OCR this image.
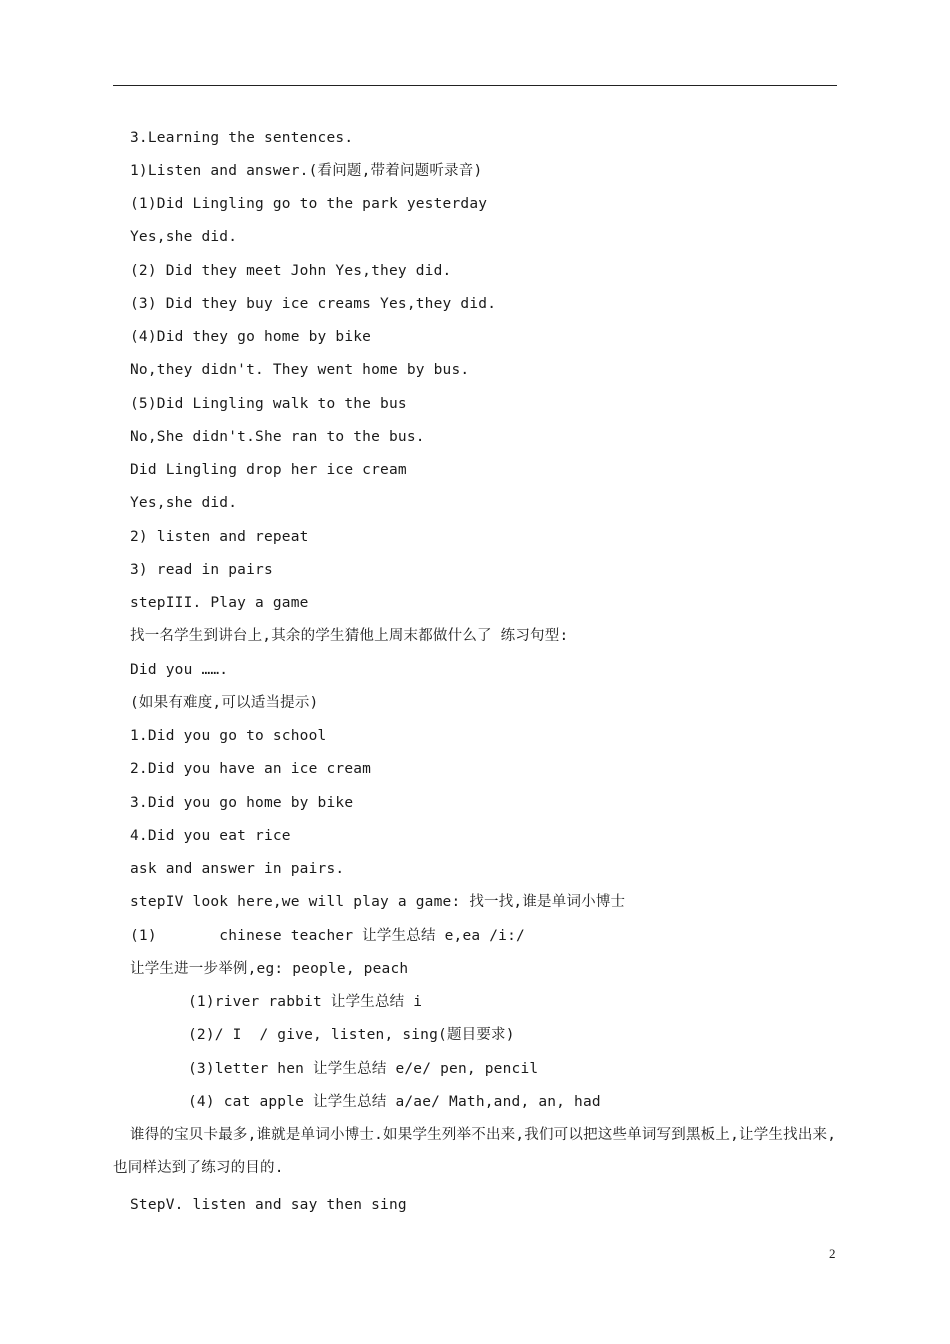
3.Learning the sentences.
1)Listen and answer.(看问题,带着问题听录音)
(1)Did Lingling go to the park yesterday
Yes,she did.
(2) Did they meet John Yes,they did.
(3) Did they buy ice creams Yes,they did.
(4)Did they go home by bike
No,they didn't. They went home by bus.
(5)Did Lingling walk to the bus
No,She didn't.She ran to the bus.
Did Lingling drop her ice cream
Yes,she did.
2) listen and repeat
3) read in pairs
stepIII. Play a game
找一名学生到讲台上,其余的学生猜他上周末都做什么了 练习句型:
Did you …….
(如果有难度,可以适当提示)
1.Did you go to school
2.Did you have an ice cream
3.Did you go home by bike
4.Did you eat rice
ask and answer in pairs.
stepIV look here,we will play a game: 找一找,谁是单词小博士
(1)       chinese teacher 让学生总结 e,ea /i:/
让学生进一步举例,eg: people, peach
(1)river rabbit 让学生总结 i
(2)/ I  / give, listen, sing(题目要求)
(3)letter hen 让学生总结 e/e/ pen, pencil
(4) cat apple 让学生总结 a/ae/ Math,and, an, had
谁得的宝贝卡最多,谁就是单词小博士.如果学生列举不出来,我们可以把这些单词写到黑板上,让学生找出来,也同样达到了练习的目的.
StepV. listen and say then sing
2
